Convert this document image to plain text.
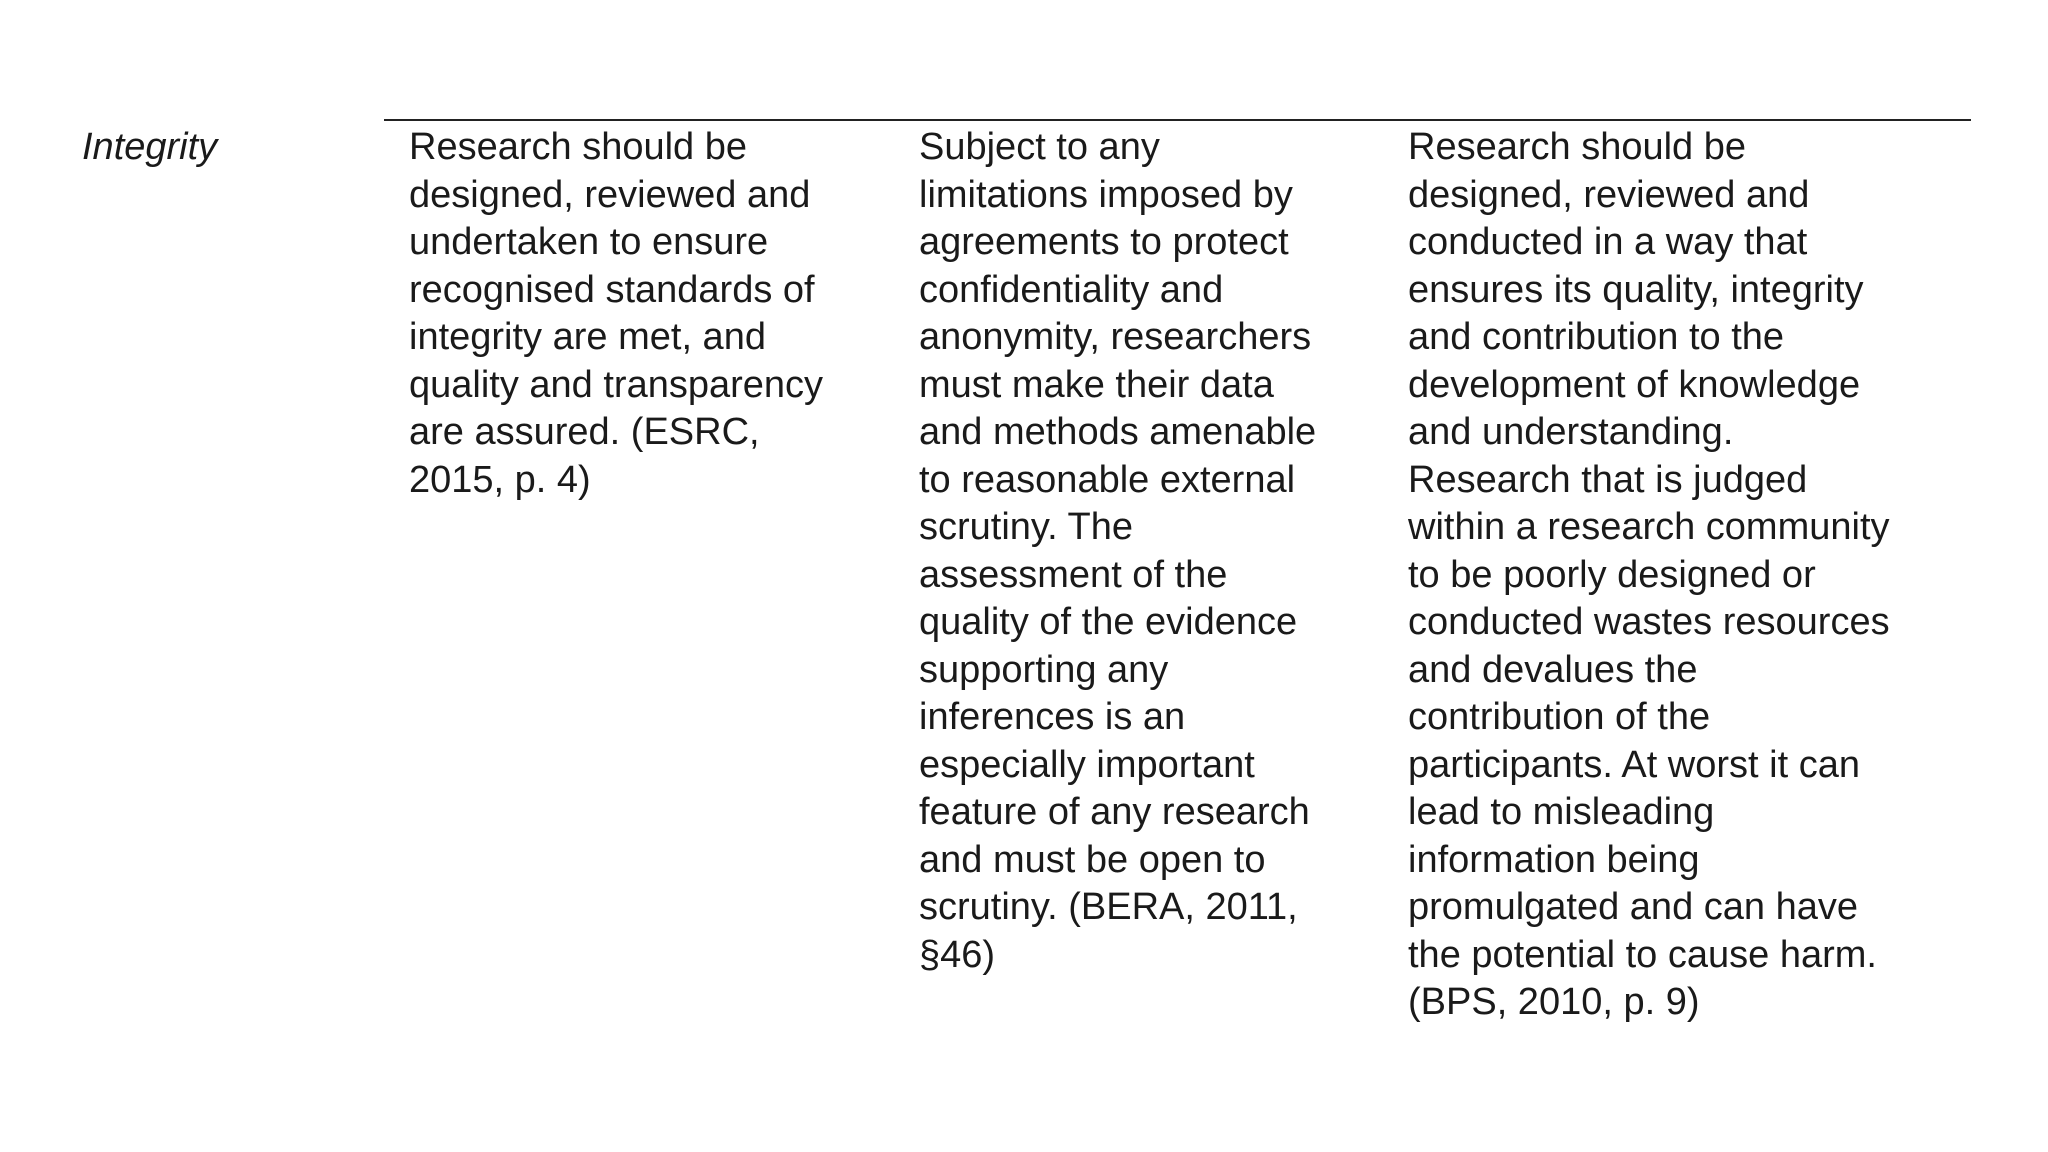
Integrity	Research should be
designed, reviewed and
undertaken to ensure
recognised standards of
integrity are met, and
quality and transparency
are assured. (ESRC,
2015, p. 4)
Subject to any
limitations imposed by
agreements to protect
confidentiality and
anonymity, researchers
must make their data
and methods amenable
to reasonable external
scrutiny. The
assessment of the
quality of the evidence
supporting any
inferences is an
especially important
feature of any research
and must be open to
scrutiny. (BERA, 2011,
§46)
Research should be
designed, reviewed and
conducted in a way that
ensures its quality, integrity
and contribution to the
development of knowledge
and understanding.
Research that is judged
within a research community
to be poorly designed or
conducted wastes resources
and devalues the
contribution of the
participants. At worst it can
lead to misleading
information being
promulgated and can have
the potential to cause harm.
(BPS, 2010, p. 9)
